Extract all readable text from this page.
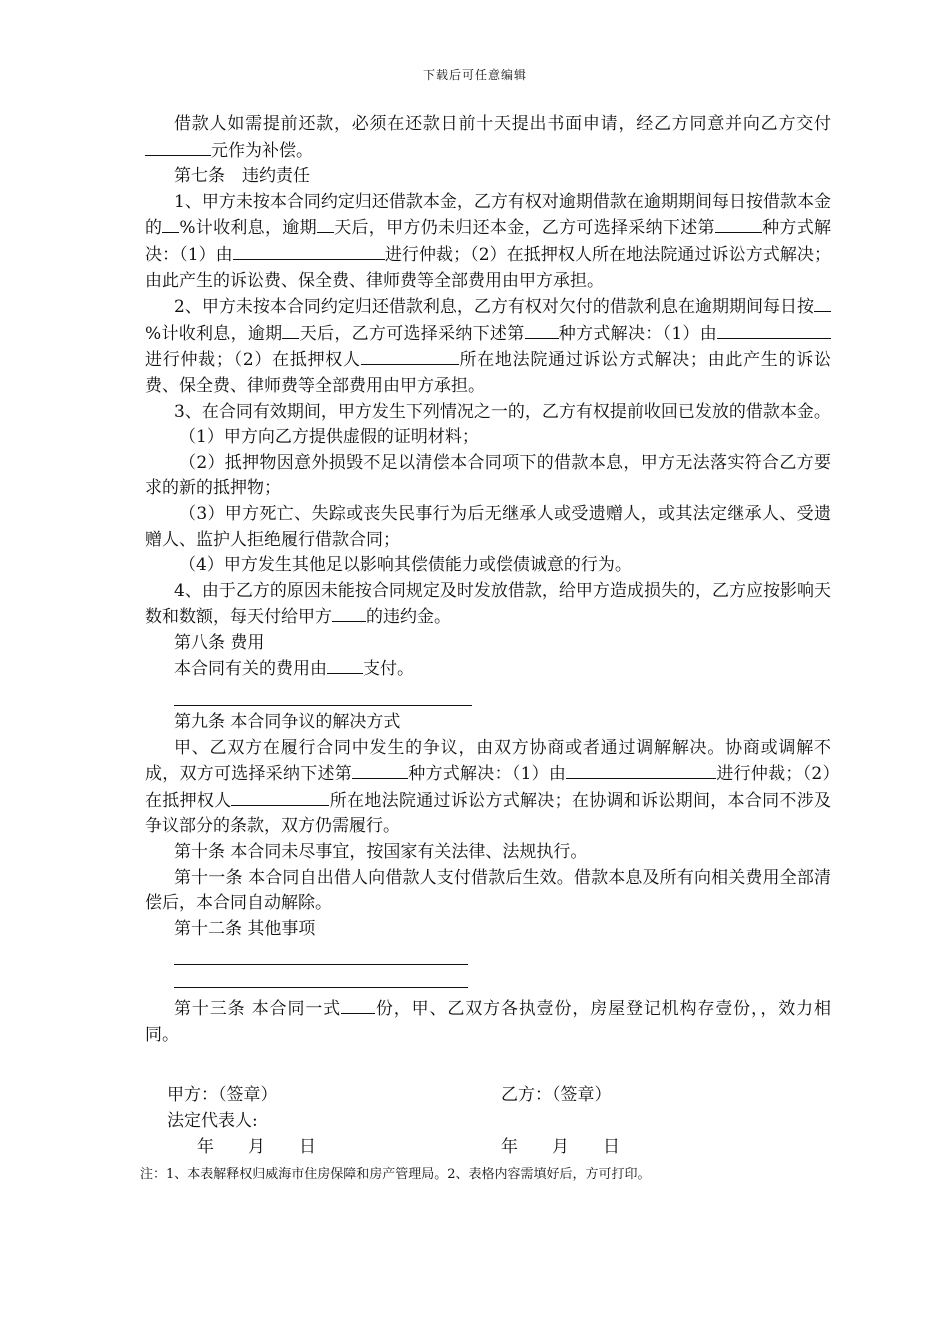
下载后可任意编辑

借款人如需提前还款，必须在还款日前十天提出书面申请，经乙方同意并向乙方交付元作为补偿。

第七条　违约责任

1、甲方未按本合同约定归还借款本金，乙方有权对逾期借款在逾期期间每日按借款本金的 %计收利息，逾期 天后，甲方仍未归还本金，乙方可选择采纳下述第	种方式解决：（1）由	进行仲裁；（2）在抵押权人所在地法院通过诉讼方式解决；由此产生的诉讼费、保全费、律师费等全部费用由甲方承担。

2、甲方未按本合同约定归还借款利息，乙方有权对欠付的借款利息在逾期期间每日按%计收利息，逾期 天后，乙方可选择采纳下述第 种方式解决：（1）由进行仲裁；（2）在抵押权人	所在地法院通过诉讼方式解决；由此产生的诉讼费、保全费、律师费等全部费用由甲方承担。

3、在合同有效期间，甲方发生下列情况之一的，乙方有权提前收回已发放的借款本金。

（1）甲方向乙方提供虚假的证明材料；

（2）抵押物因意外损毁不足以清偿本合同项下的借款本息，甲方无法落实符合乙方要求的新的抵押物；

（3）甲方死亡、失踪或丧失民事行为后无继承人或受遗赠人，或其法定继承人、受遗赠人、监护人拒绝履行借款合同；

（4）甲方发生其他足以影响其偿债能力或偿债诚意的行为。

4、由于乙方的原因未能按合同规定及时发放借款，给甲方造成损失的，乙方应按影响天数和数额，每天付给甲方 的违约金。

第八条 费用

本合同有关的费用由 支付。

第九条 本合同争议的解决方式

甲、乙双方在履行合同中发生的争议，由双方协商或者通过调解解决。协商或调解不成，双方可选择采纳下述第	种方式解决：（1）由	进行仲裁；（2）在抵押权人	所在地法院通过诉讼方式解决；在协调和诉讼期间，本合同不涉及争议部分的条款，双方仍需履行。

第十条 本合同未尽事宜，按国家有关法律、法规执行。

第十一条 本合同自出借人向借款人支付借款后生效。借款本息及所有向相关费用全部清偿后，本合同自动解除。

第十二条 其他事项

第十三条 本合同一式 份，甲、乙双方各执壹份，房屋登记机构存壹份，，效力相同。

甲方：（签章）	乙方：（签章）
法定代表人:
年　　月　　日	年　　月　　日
注：1、本表解释权归威海市住房保障和房产管理局。2、表格内容需填好后，方可打印。
